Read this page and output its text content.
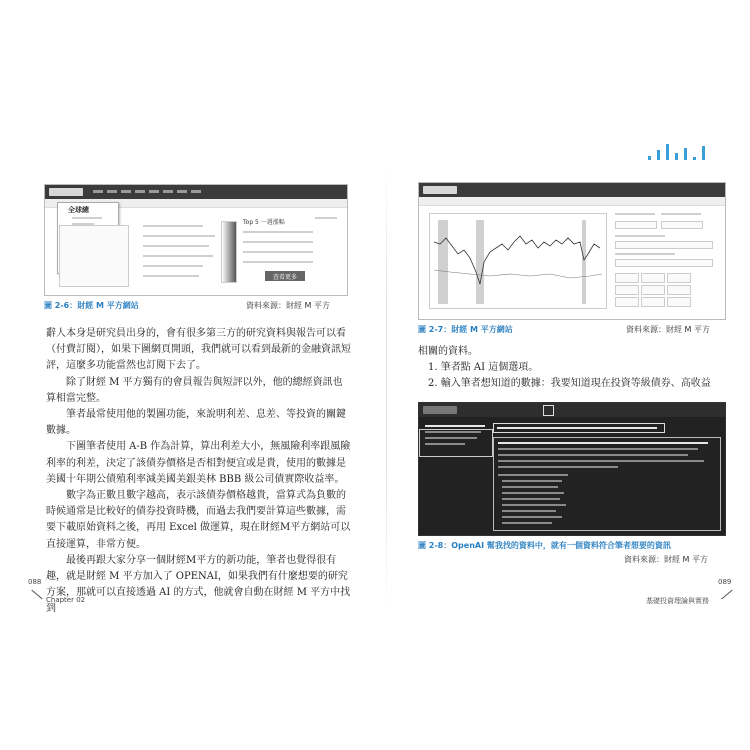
全球總
Top 5 一週漲幅
查看更多
圖 2-6：財經 M 平方網站	資料來源：財經 M 平方

辭人本身是研究員出身的，會有很多第三方的研究資料與報告可以看（付費訂閱），如果下圖網頁開頭，我們就可以看到最新的金融資訊短評，這麼多功能當然也訂閱下去了。

除了財經 M 平方獨有的會員報告與短評以外，他的總經資訊也算相當完整。

筆者最常使用他的製圖功能，來說明利差、息差、等投資的關鍵數據。

下圖筆者使用 A-B 作為計算，算出利差大小，無風險利率跟風險利率的利差，決定了該債券價格是否相對便宜或是貴，使用的數據是美國十年期公債殖利率減美國美銀美林 BBB 級公司債實際收益率。

數字為正數且數字越高，表示該債券價格越貴，當算式為負數的時候通常是比較好的債券投資時機，而過去我們要計算這些數據，需要下載原始資料之後，再用 Excel 做運算，現在財經M平方網站可以直接運算，非常方便。

最後再跟大家分享一個財經M平方的新功能，筆者也覺得很有趣，就是財經 M 平方加入了 OPENAI，如果我們有什麼想要的研究方案，那就可以直接透過 AI 的方式，他就會自動在財經 M 平方中找到

088
Chapter 02
圖 2-7：財經 M 平方網站	資料來源：財經 M 平方

相關的資料。

1. 筆者點 AI 這個選項。

2. 輸入筆者想知道的數據：我要知道現在投資等級債券、高收益

圖 2-8：OpenAI 幫我找的資料中，就有一個資料符合筆者想要的資訊
資料來源：財經 M 平方
089
基礎投資理論與實務
